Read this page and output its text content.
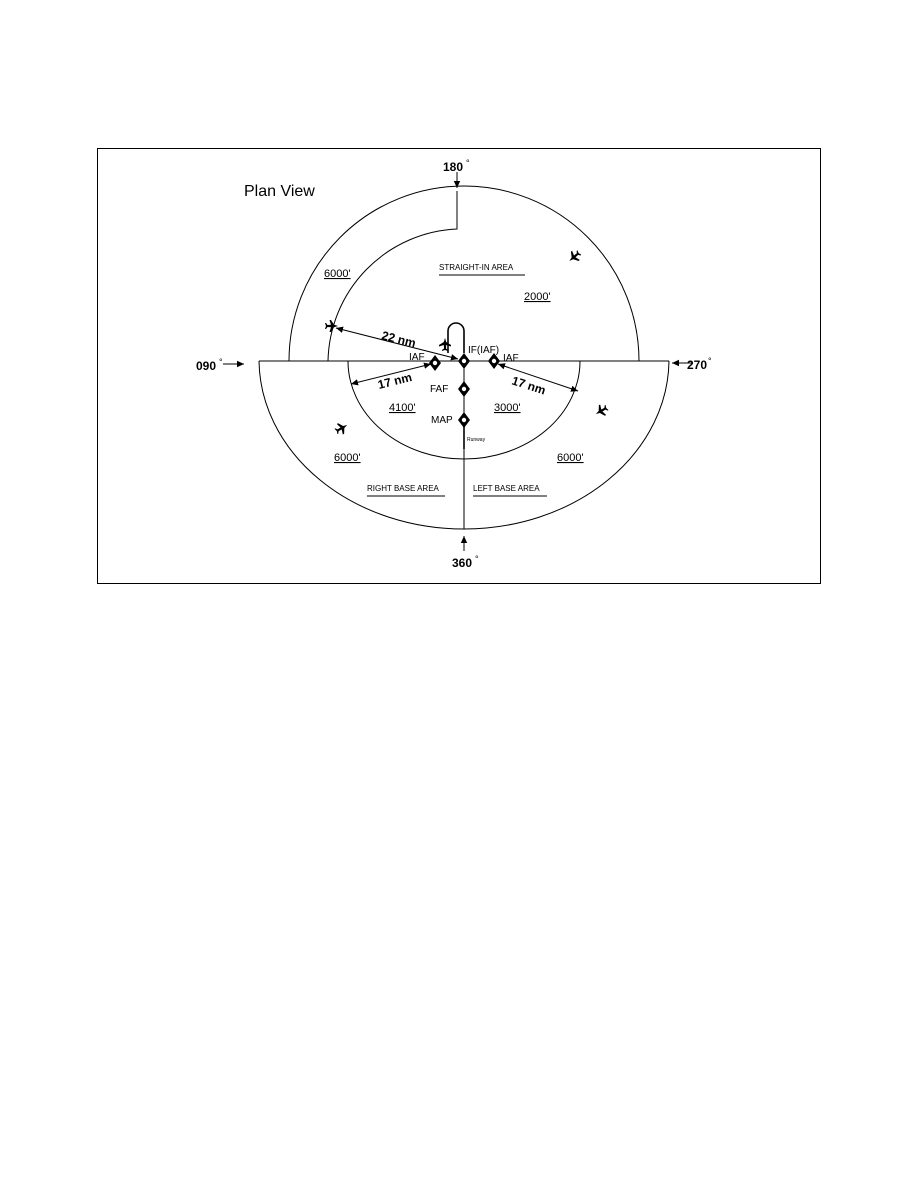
Plan View
180 °
090 °	270°
360 °
22 nm
17 nm	17 nm
STRAIGHT-IN AREA
RIGHT BASE AREA	LEFT BASE AREA
6000'
2000'
4100'	3000'
6000'	6000'
IF(IAF)
IAF	IAF
FAF
MAP
Runway
